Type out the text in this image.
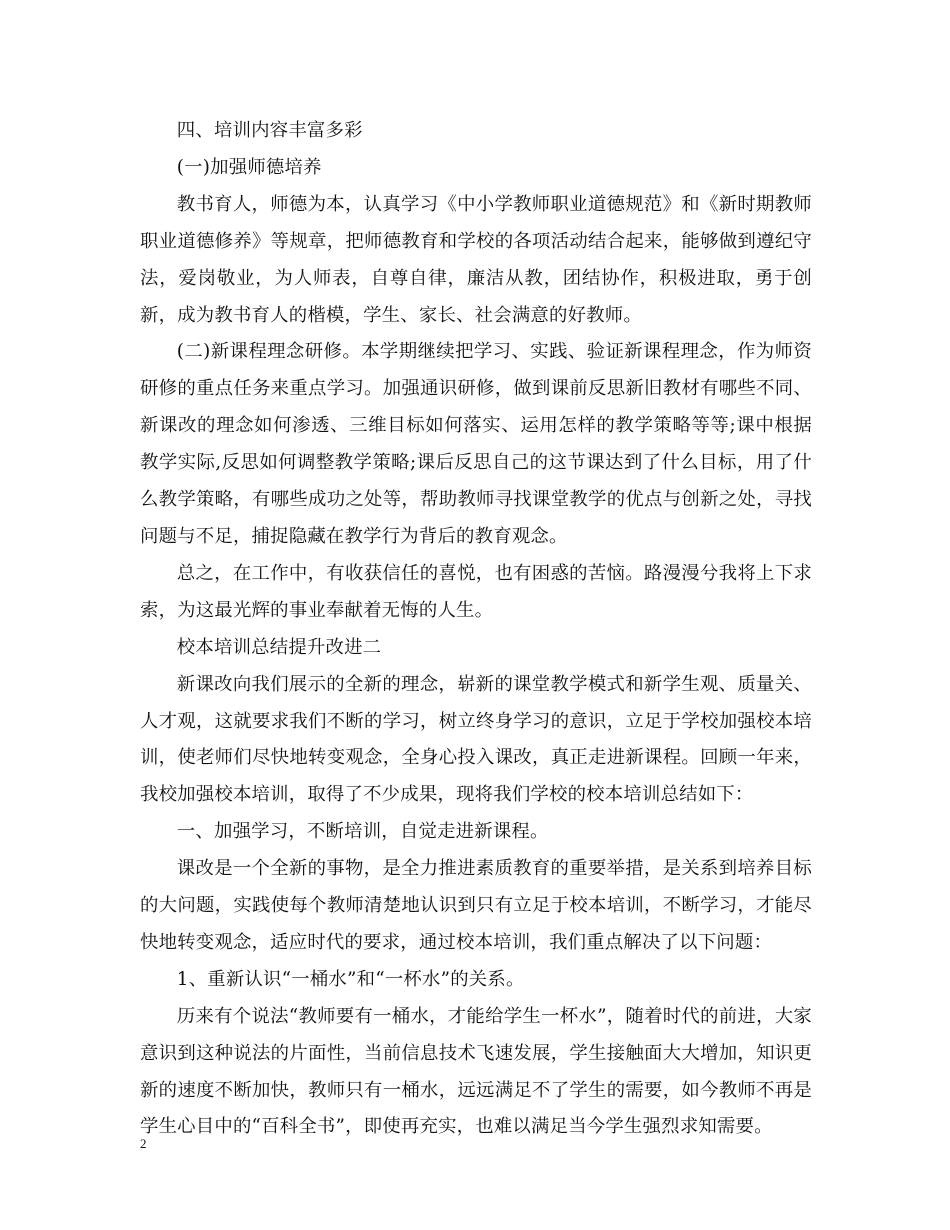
四、培训内容丰富多彩

(一)加强师德培养

教书育人，师德为本，认真学习《中小学教师职业道德规范》和《新时期教师职业道德修养》等规章，把师德教育和学校的各项活动结合起来，能够做到遵纪守法，爱岗敬业，为人师表，自尊自律，廉洁从教，团结协作，积极进取，勇于创新，成为教书育人的楷模，学生、家长、社会满意的好教师。

(二)新课程理念研修。本学期继续把学习、实践、验证新课程理念，作为师资研修的重点任务来重点学习。加强通识研修，做到课前反思新旧教材有哪些不同、新课改的理念如何渗透、三维目标如何落实、运用怎样的教学策略等等;课中根据教学实际,反思如何调整教学策略;课后反思自己的这节课达到了什么目标，用了什么教学策略，有哪些成功之处等，帮助教师寻找课堂教学的优点与创新之处，寻找问题与不足，捕捉隐藏在教学行为背后的教育观念。

总之，在工作中，有收获信任的喜悦，也有困惑的苦恼。路漫漫兮我将上下求索，为这最光辉的事业奉献着无悔的人生。

校本培训总结提升改进二

新课改向我们展示的全新的理念，崭新的课堂教学模式和新学生观、质量关、人才观，这就要求我们不断的学习，树立终身学习的意识，立足于学校加强校本培训，使老师们尽快地转变观念，全身心投入课改，真正走进新课程。回顾一年来，我校加强校本培训，取得了不少成果，现将我们学校的校本培训总结如下：

一、加强学习，不断培训，自觉走进新课程。

课改是一个全新的事物，是全力推进素质教育的重要举措，是关系到培养目标的大问题，实践使每个教师清楚地认识到只有立足于校本培训，不断学习，才能尽快地转变观念，适应时代的要求，通过校本培训，我们重点解决了以下问题：

1、重新认识“一桶水”和“一杯水”的关系。

历来有个说法“教师要有一桶水，才能给学生一杯水”，随着时代的前进，大家意识到这种说法的片面性，当前信息技术飞速发展，学生接触面大大增加，知识更新的速度不断加快，教师只有一桶水，远远满足不了学生的需要，如今教师不再是学生心目中的“百科全书”，即使再充实，也难以满足当今学生强烈求知需要。

2
